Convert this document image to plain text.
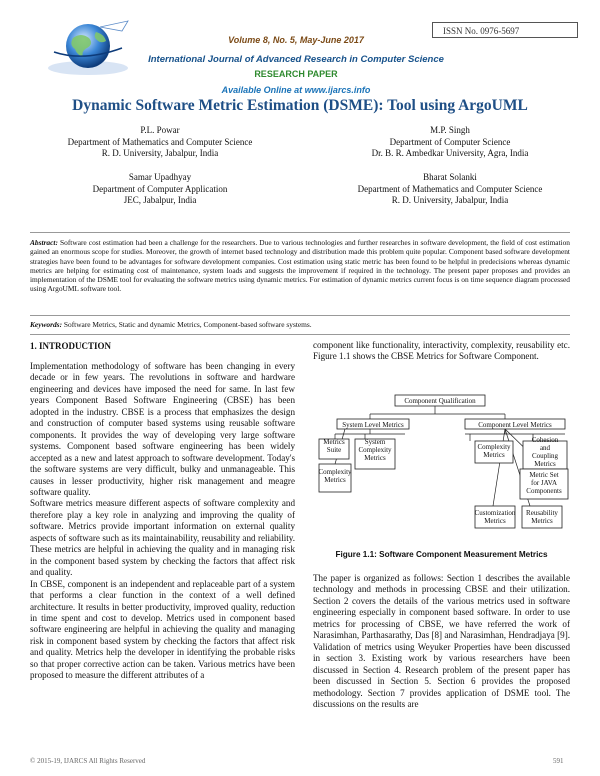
ISSN No. 0976-5697
Volume 8, No. 5, May-June 2017
International Journal of Advanced Research in Computer Science
RESEARCH PAPER
Available Online at www.ijarcs.info
Dynamic Software Metric Estimation (DSME): Tool using ArgoUML
P.L. Powar
Department of Mathematics and Computer Science
R. D. University, Jabalpur, India
M.P. Singh
Department of Computer Science
Dr. B. R. Ambedkar University, Agra, India
Samar Upadhyay
Department of Computer Application
JEC, Jabalpur, India
Bharat Solanki
Department of Mathematics and Computer Science
R. D. University, Jabalpur, India
Abstract: Software cost estimation had been a challenge for the researchers. Due to various technologies and further researches in software development, the field of cost estimation gained an enormous scope for studies. Moreover, the growth of internet based technology and distribution made this problem quite popular. Component based software development strategies have been found to be advantages for software development companies. Cost estimation using static metric has been found to be helpful in predecisions whereas dynamic metrics are helping for estimating cost of maintenance, system loads and suggests the improvement if required in the technology. The present paper proposes and provides an implementation of the DSME tool for evaluating the software metrics using dynamic metrics. For estimation of dynamic metrics current focus is on time sequence diagram processed using ArgoUML software tool.
Keywords: Software Metrics, Static and dynamic Metrics, Component-based software systems.
1. INTRODUCTION

Implementation methodology of software has been changing in every decade or in few years. The revolutions in software and hardware engineering and devices have imposed the need for same. In last few years Component Based Software Engineering (CBSE) has been adopted in the industry. CBSE is a process that emphasizes the design and construction of computer based systems using reusable software components. It provides the way of developing very large software systems. Component based software engineering has been widely accepted as a new and latest approach to software development. Today's the software systems are very difficult, bulky and unmanageable. This causes in lesser productivity, higher risk management and meagre software quality.

Software metrics measure different aspects of software complexity and therefore play a key role in analyzing and improving the quality of software. Metrics provide important information on external quality aspects of software such as its maintainability, reusability and reliability. These metrics are helpful in achieving the quality and in managing risk in the component based system by checking the factors that affect risk and quality.

In CBSE, component is an independent and replaceable part of a system that performs a clear function in the context of a well defined architecture. It results in better productivity, improved quality, reduction in time spent and cost to develop. Metrics used in component based software engineering are helpful in achieving the quality and managing risk in component based system by checking the factors that affect risk and quality. Metrics help the developer in identifying the probable risks so that proper corrective action can be taken. Various metrics have been proposed to measure the different attributes of a

component like functionality, interactivity, complexity, reusability etc. Figure 1.1 shows the CBSE Metrics for Software Component.
Component Qualification
System Level Metrics	Component Level Metrics
Metrics Suite
System Complexity Metrics
Complexity Metrics
Complexity Metrics
Cohesion and Coupling Metrics
Metric Set for JAVA Components
Customization Metrics
Reusability Metrics
Figure 1.1: Software Component Measurement Metrics
The paper is organized as follows: Section 1 describes the available technology and methods in processing CBSE and their utilization. Section 2 covers the details of the various metrics used in software engineering especially in component based software. In order to use metrics for processing of CBSE, we have referred the work of Narasimhan, Parthasarathy, Das [8] and Narasimhan, Hendradjaya [9]. Validation of metrics using Weyuker Properties have been discussed in section 3. Existing work by various researchers have been discussed in Section 4. Research problem of the present paper has been discussed in Section 5. Section 6 provides the proposed methodology. Section 7 provides application of DSME tool. The discussions on the results are
© 2015-19, IJARCS All Rights Reserved	591
